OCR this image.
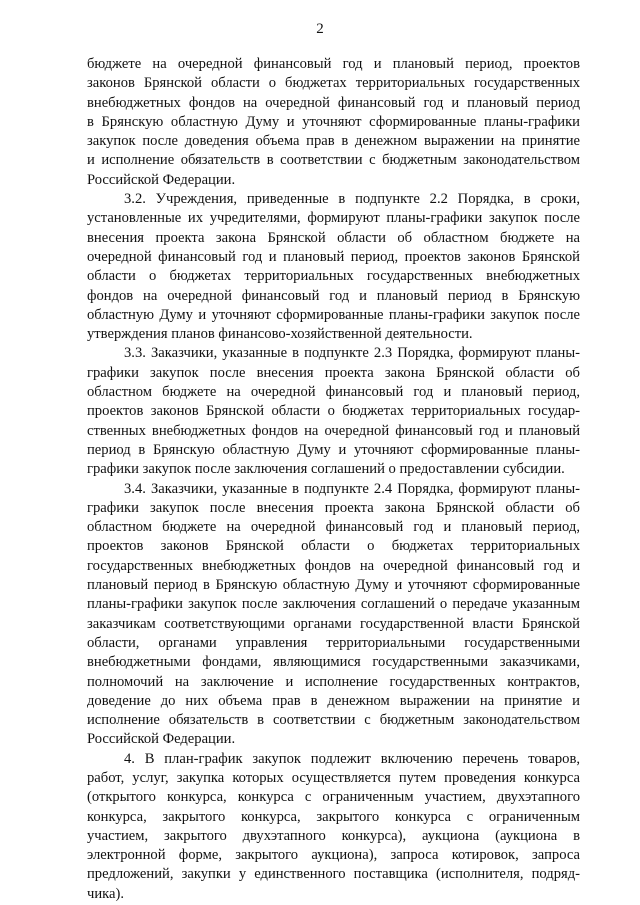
2
бюджете на очередной финансовый год и плановый период, проектов
законов Брянской области о бюджетах территориальных государственных
внебюджетных фондов на очередной финансовый год и плановый период
в Брянскую областную Думу и уточняют сформированные планы-графики
закупок после доведения объема прав в денежном выражении на принятие
и исполнение обязательств в соответствии с бюджетным законодательством
Российской Федерации.
3.2. Учреждения, приведенные в подпункте 2.2 Порядка, в сроки,
установленные их учредителями, формируют планы-графики закупок после
внесения проекта закона Брянской области об областном бюджете на
очередной финансовый год и плановый период, проектов законов Брянской
области о бюджетах территориальных государственных внебюджетных
фондов на очередной финансовый год и плановый период в Брянскую
областную Думу и уточняют сформированные планы-графики закупок после
утверждения планов финансово-хозяйственной деятельности.
3.3. Заказчики, указанные в подпункте 2.3 Порядка, формируют планы-
графики закупок после внесения проекта закона Брянской области об
областном бюджете на очередной финансовый год и плановый период,
проектов законов Брянской области о бюджетах территориальных государ-
ственных внебюджетных фондов на очередной финансовый год и плановый
период в Брянскую областную Думу и уточняют сформированные планы-
графики закупок после заключения соглашений о предоставлении субсидии.
3.4. Заказчики, указанные в подпункте 2.4 Порядка, формируют планы-
графики закупок после внесения проекта закона Брянской области об
областном бюджете на очередной финансовый год и плановый период,
проектов законов Брянской области о бюджетах территориальных
государственных внебюджетных фондов на очередной финансовый год и
плановый период в Брянскую областную Думу и уточняют сформированные
планы-графики закупок после заключения соглашений о передаче указанным
заказчикам соответствующими органами государственной власти Брянской
области, органами управления территориальными государственными
внебюджетными фондами, являющимися государственными заказчиками,
полномочий на заключение и исполнение государственных контрактов,
доведение до них объема прав в денежном выражении на принятие и
исполнение обязательств в соответствии с бюджетным законодательством
Российской Федерации.
4. В план-график закупок подлежит включению перечень товаров,
работ, услуг, закупка которых осуществляется путем проведения конкурса
(открытого конкурса, конкурса с ограниченным участием, двухэтапного
конкурса, закрытого конкурса, закрытого конкурса с ограниченным
участием, закрытого двухэтапного конкурса), аукциона (аукциона в
электронной форме, закрытого аукциона), запроса котировок, запроса
предложений, закупки у единственного поставщика (исполнителя, подряд-
чика).
